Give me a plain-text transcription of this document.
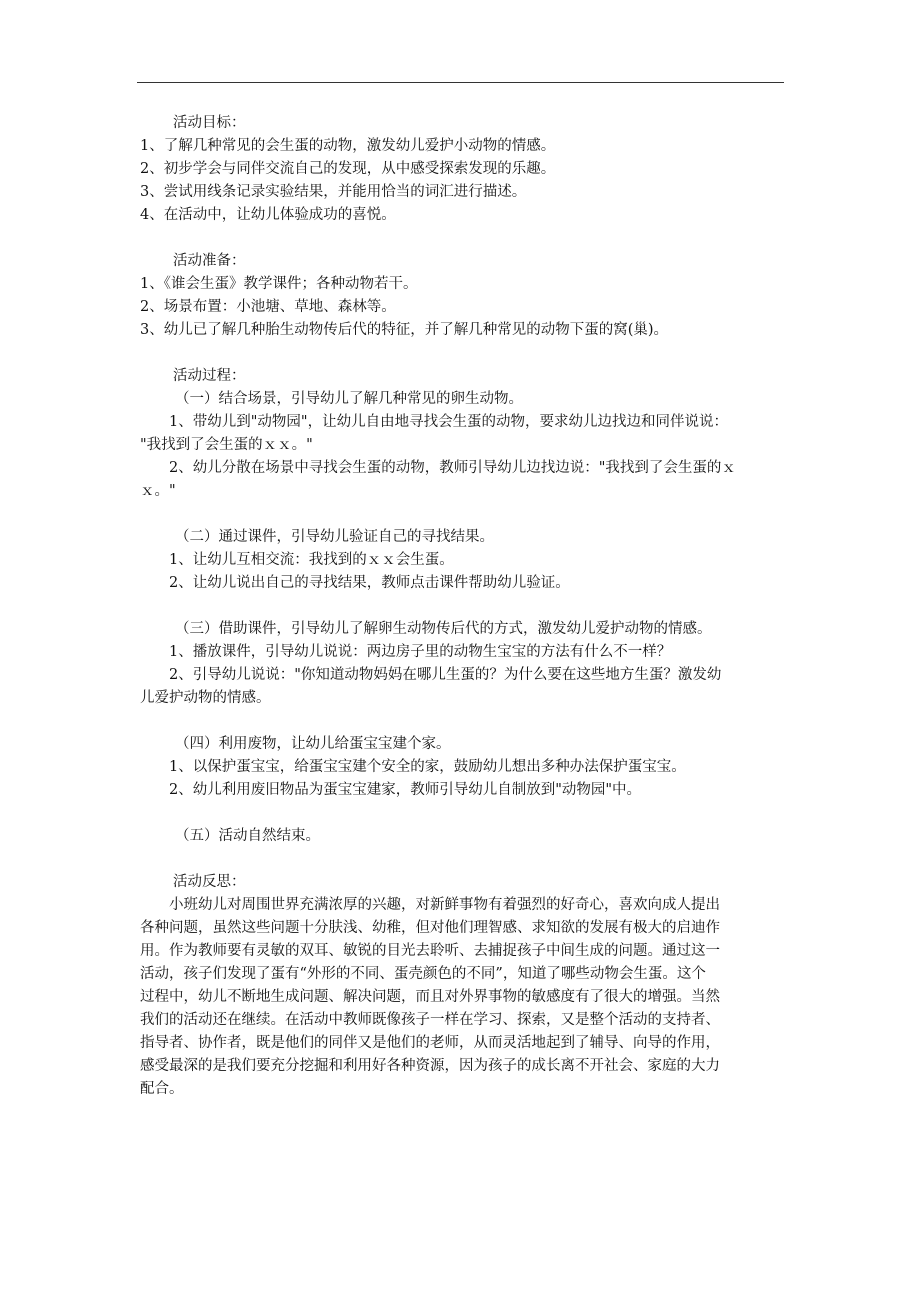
活动目标：
1、了解几种常见的会生蛋的动物，激发幼儿爱护小动物的情感。
2、初步学会与同伴交流自己的发现，从中感受探索发现的乐趣。
3、尝试用线条记录实验结果，并能用恰当的词汇进行描述。
4、在活动中，让幼儿体验成功的喜悦。
活动准备：
1、《谁会生蛋》教学课件；各种动物若干。
2、场景布置：小池塘、草地、森林等。
3、幼儿已了解几种胎生动物传后代的特征，并了解几种常见的动物下蛋的窝(巢)。
活动过程：
（一）结合场景，引导幼儿了解几种常见的卵生动物。
1、带幼儿到"动物园"，让幼儿自由地寻找会生蛋的动物，要求幼儿边找边和同伴说说：
"我找到了会生蛋的ｘｘ。"
2、幼儿分散在场景中寻找会生蛋的动物，教师引导幼儿边找边说："我找到了会生蛋的ｘ
ｘ。"
（二）通过课件，引导幼儿验证自己的寻找结果。
1、让幼儿互相交流：我找到的ｘｘ会生蛋。
2、让幼儿说出自己的寻找结果，教师点击课件帮助幼儿验证。
（三）借助课件，引导幼儿了解卵生动物传后代的方式，激发幼儿爱护动物的情感。
1、播放课件，引导幼儿说说：两边房子里的动物生宝宝的方法有什么不一样？
2、引导幼儿说说："你知道动物妈妈在哪儿生蛋的？为什么要在这些地方生蛋？激发幼
儿爱护动物的情感。
（四）利用废物，让幼儿给蛋宝宝建个家。
1、以保护蛋宝宝，给蛋宝宝建个安全的家，鼓励幼儿想出多种办法保护蛋宝宝。
2、幼儿利用废旧物品为蛋宝宝建家，教师引导幼儿自制放到"动物园"中。
（五）活动自然结束。
活动反思：
小班幼儿对周围世界充满浓厚的兴趣，对新鲜事物有着强烈的好奇心，喜欢向成人提出
各种问题，虽然这些问题十分肤浅、幼稚，但对他们理智感、求知欲的发展有极大的启迪作
用。作为教师要有灵敏的双耳、敏锐的目光去聆听、去捕捉孩子中间生成的问题。通过这一
活动，孩子们发现了蛋有“外形的不同、蛋壳颜色的不同”，知道了哪些动物会生蛋。这个
过程中，幼儿不断地生成问题、解决问题，而且对外界事物的敏感度有了很大的增强。当然
我们的活动还在继续。在活动中教师既像孩子一样在学习、探索，又是整个活动的支持者、
指导者、协作者，既是他们的同伴又是他们的老师，从而灵活地起到了辅导、向导的作用，
感受最深的是我们要充分挖掘和利用好各种资源，因为孩子的成长离不开社会、家庭的大力
配合。
